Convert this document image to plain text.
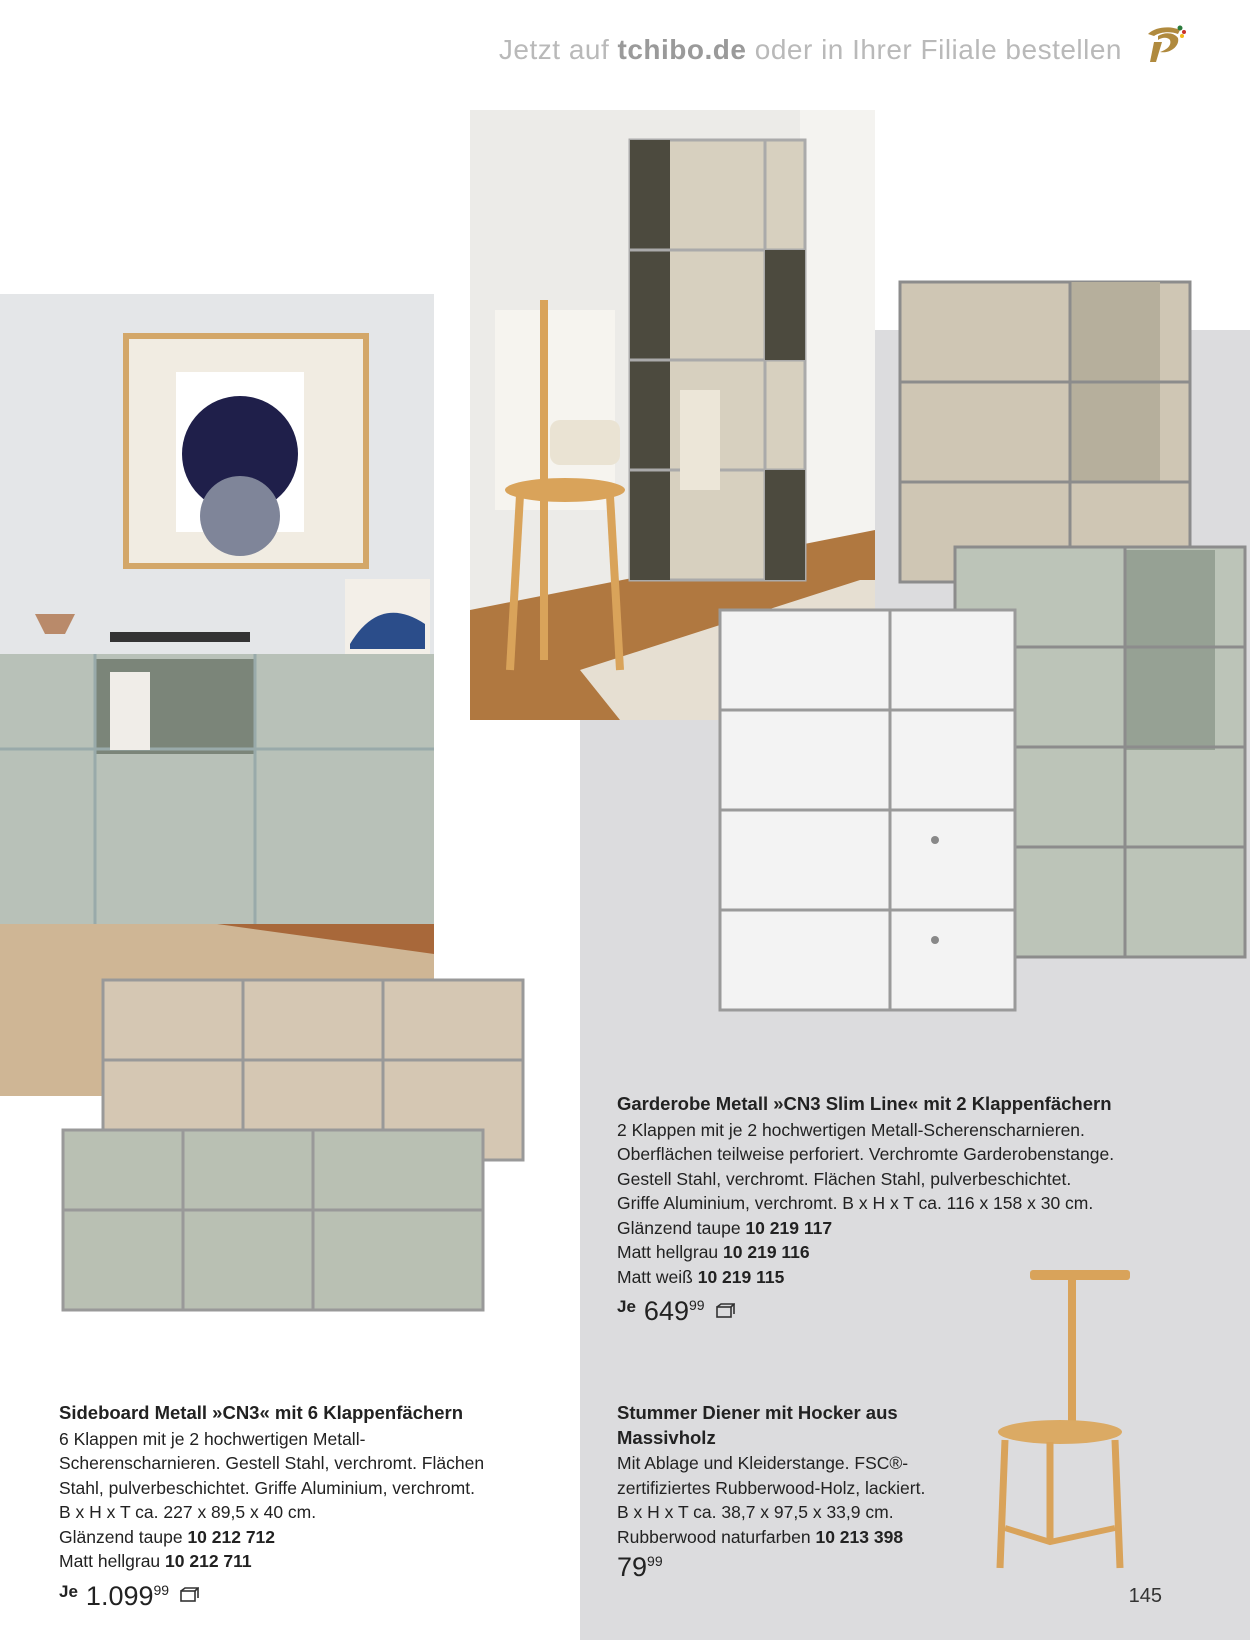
Jetzt auf tchibo.de oder in Ihrer Filiale bestellen
Garderobe Metall »CN3 Slim Line« mit 2 Klappenfächern
2 Klappen mit je 2 hochwertigen Metall-Scherenscharnieren.
Oberflächen teilweise perforiert. Verchromte Garderobenstange.
Gestell Stahl, verchromt. Flächen Stahl, pulverbeschichtet.
Griffe Aluminium, verchromt. B x H x T ca. 116 x 158 x 30 cm.
Glänzend taupe 10 219 117
Matt hellgrau 10 219 116
Matt weiß 10 219 115
Je $649^{99}$
Sideboard Metall »CN3« mit 6 Klappenfächern
6 Klappen mit je 2 hochwertigen Metall-
Scherenscharnieren. Gestell Stahl, verchromt. Flächen
Stahl, pulverbeschichtet. Griffe Aluminium, verchromt.
B x H x T ca. 227 x 89,5 x 40 cm.
Glänzend taupe 10 212 712
Matt hellgrau 10 212 711
Je 1.099$^{99}$
Stummer Diener mit Hocker aus
Massivholz
Mit Ablage und Kleiderstange. FSC®-
zertifiziertes Rubberwood-Holz, lackiert.
B x H x T ca. 38,7 x 97,5 x 33,9 cm.
Rubberwood naturfarben 10 213 398
$79^{99}$
145
